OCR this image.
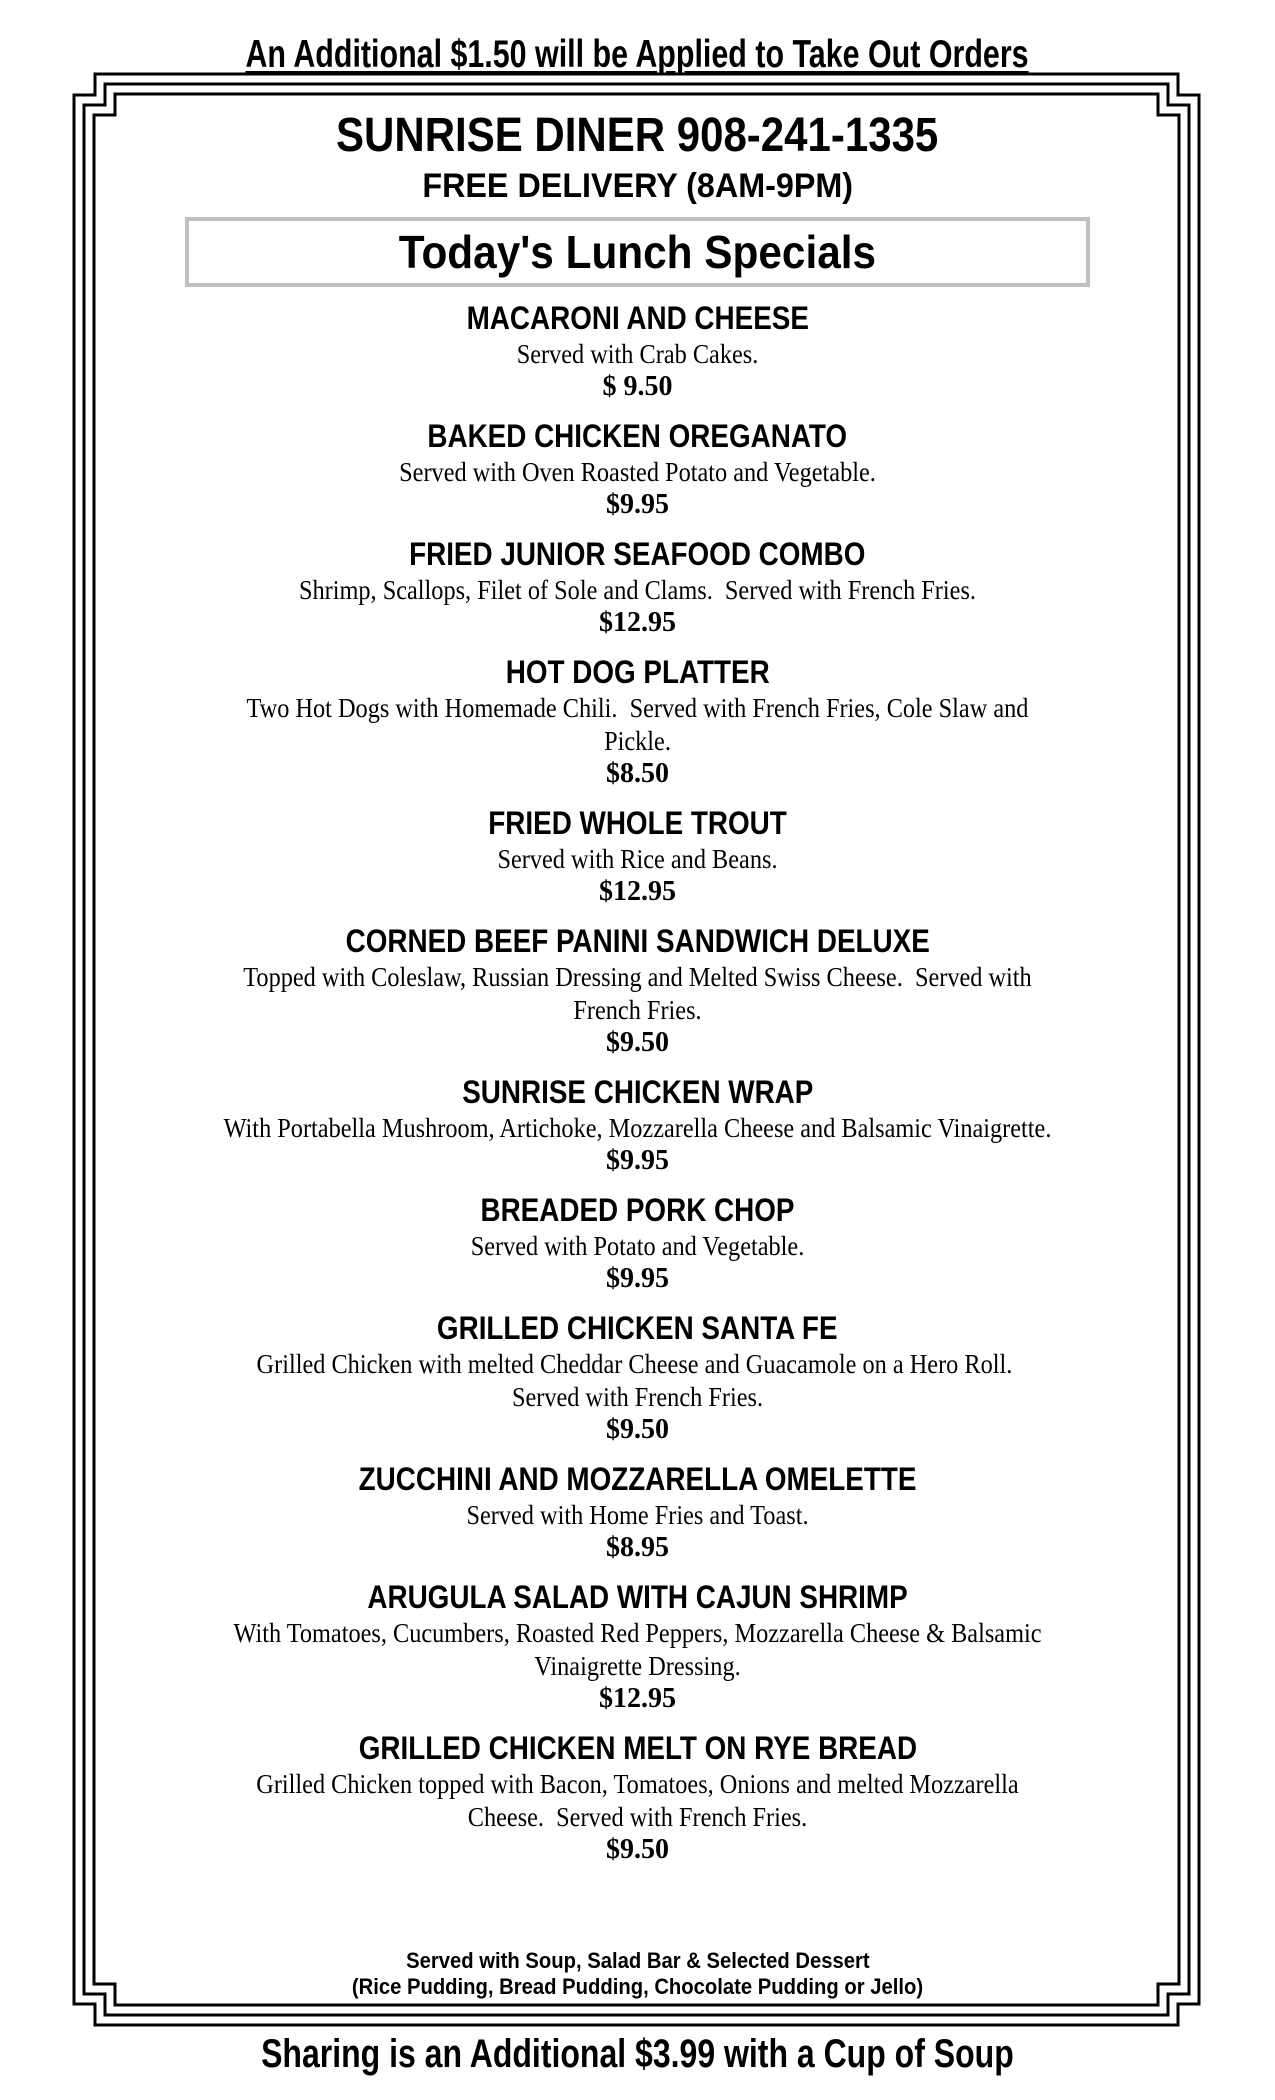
An Additional $1.50 will be Applied to Take Out Orders
SUNRISE DINER 908-241-1335
FREE DELIVERY (8AM-9PM)
Today's Lunch Specials
MACARONI AND CHEESE

Served with Crab Cakes.

$ 9.50
BAKED CHICKEN OREGANATO

Served with Oven Roasted Potato and Vegetable.

$9.95
FRIED JUNIOR SEAFOOD COMBO

Shrimp, Scallops, Filet of Sole and Clams.  Served with French Fries.

$12.95
HOT DOG PLATTER

Two Hot Dogs with Homemade Chili.  Served with French Fries, Cole Slaw and Pickle.

$8.50
FRIED WHOLE TROUT

Served with Rice and Beans.

$12.95
CORNED BEEF PANINI SANDWICH DELUXE

Topped with Coleslaw, Russian Dressing and Melted Swiss Cheese.  Served with French Fries.

$9.50
SUNRISE CHICKEN WRAP

With Portabella Mushroom, Artichoke, Mozzarella Cheese and Balsamic Vinaigrette.

$9.95
BREADED PORK CHOP

Served with Potato and Vegetable.

$9.95
GRILLED CHICKEN SANTA FE

Grilled Chicken with melted Cheddar Cheese and Guacamole on a Hero Roll.  Served with French Fries.

$9.50
ZUCCHINI AND MOZZARELLA OMELETTE

Served with Home Fries and Toast.

$8.95
ARUGULA SALAD WITH CAJUN SHRIMP

With Tomatoes, Cucumbers, Roasted Red Peppers, Mozzarella Cheese & Balsamic Vinaigrette Dressing.

$12.95
GRILLED CHICKEN MELT ON RYE BREAD

Grilled Chicken topped with Bacon, Tomatoes, Onions and melted Mozzarella Cheese.  Served with French Fries.

$9.50
Served with Soup, Salad Bar & Selected Dessert
(Rice Pudding, Bread Pudding, Chocolate Pudding or Jello)
Sharing is an Additional $3.99 with a Cup of Soup
